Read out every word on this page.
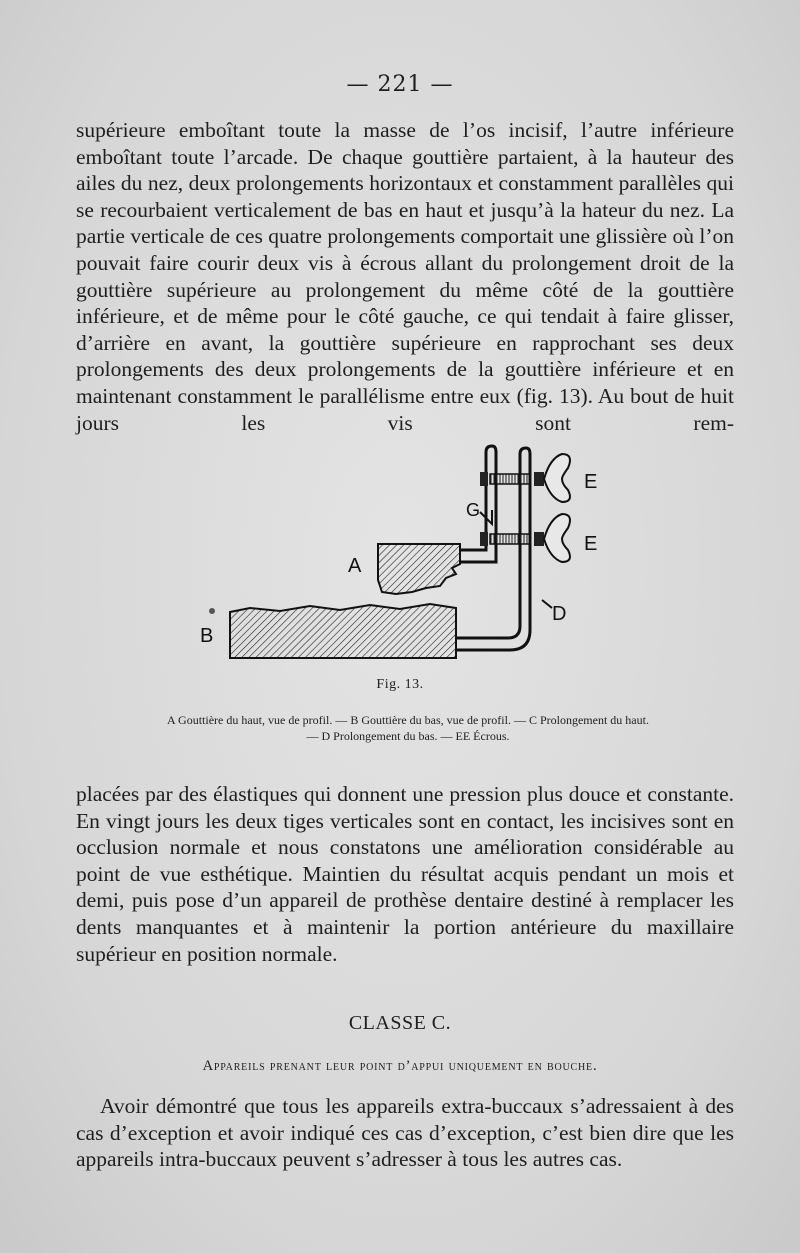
— 221 —
supérieure emboîtant toute la masse de l’os incisif, l’autre inférieure emboîtant toute l’arcade. De chaque gouttière partaient, à la hauteur des ailes du nez, deux prolongements horizontaux et constamment parallèles qui se recourbaient verticalement de bas en haut et jusqu’à la hateur du nez. La partie verticale de ces quatre prolongements comportait une glissière où l’on pouvait faire courir deux vis à écrous allant du prolongement droit de la gouttière supérieure au prolongement du même côté de la gouttière inférieure, et de même pour le côté gauche, ce qui tendait à faire glisser, d’arrière en avant, la gouttière supérieure en rapprochant ses deux prolongements des deux prolongements de la gouttière inférieure et en maintenant constamment le parallélisme entre eux (fig. 13). Au bout de huit jours les vis sont rem-
A
B
G
E
E
D
Fig. 13.
A Gouttière du haut, vue de profil. — B Gouttière du bas, vue de profil. — C Prolongement du haut.
— D Prolongement du bas. — EE Écrous.
placées par des élastiques qui donnent une pression plus douce et constante. En vingt jours les deux tiges verticales sont en contact, les incisives sont en occlusion normale et nous constatons une amélioration considérable au point de vue esthétique. Maintien du résultat acquis pendant un mois et demi, puis pose d’un appareil de prothèse dentaire destiné à remplacer les dents manquantes et à maintenir la portion antérieure du maxillaire supérieur en position normale.
CLASSE C.
Appareils prenant leur point d’appui uniquement en bouche.
Avoir démontré que tous les appareils extra-buccaux s’adressaient à des cas d’exception et avoir indiqué ces cas d’exception, c’est bien dire que les appareils intra-buccaux peuvent s’adresser à tous les autres cas.
